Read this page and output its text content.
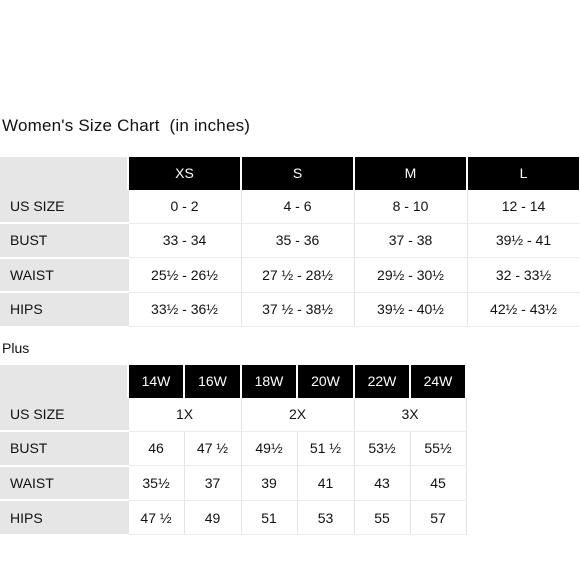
Women's Size Chart  (in inches)
	XS	S	M	L
US SIZE	0 - 2	4 - 6	8 - 10	12 - 14
BUST	33 - 34	35 - 36	37 - 38	39½ - 41
WAIST	25½ - 26½	27 ½ - 28½	29½ - 30½	32 - 33½
HIPS	33½ - 36½	37 ½ - 38½	39½ - 40½	42½ - 43½
Plus
	14W	16W	18W	20W	22W	24W
US SIZE	1X		2X		3X	
BUST	46	47 ½	49½	51 ½	53½	55½
WAIST	35½	37	39	41	43	45
HIPS	47 ½	49	51	53	55	57
